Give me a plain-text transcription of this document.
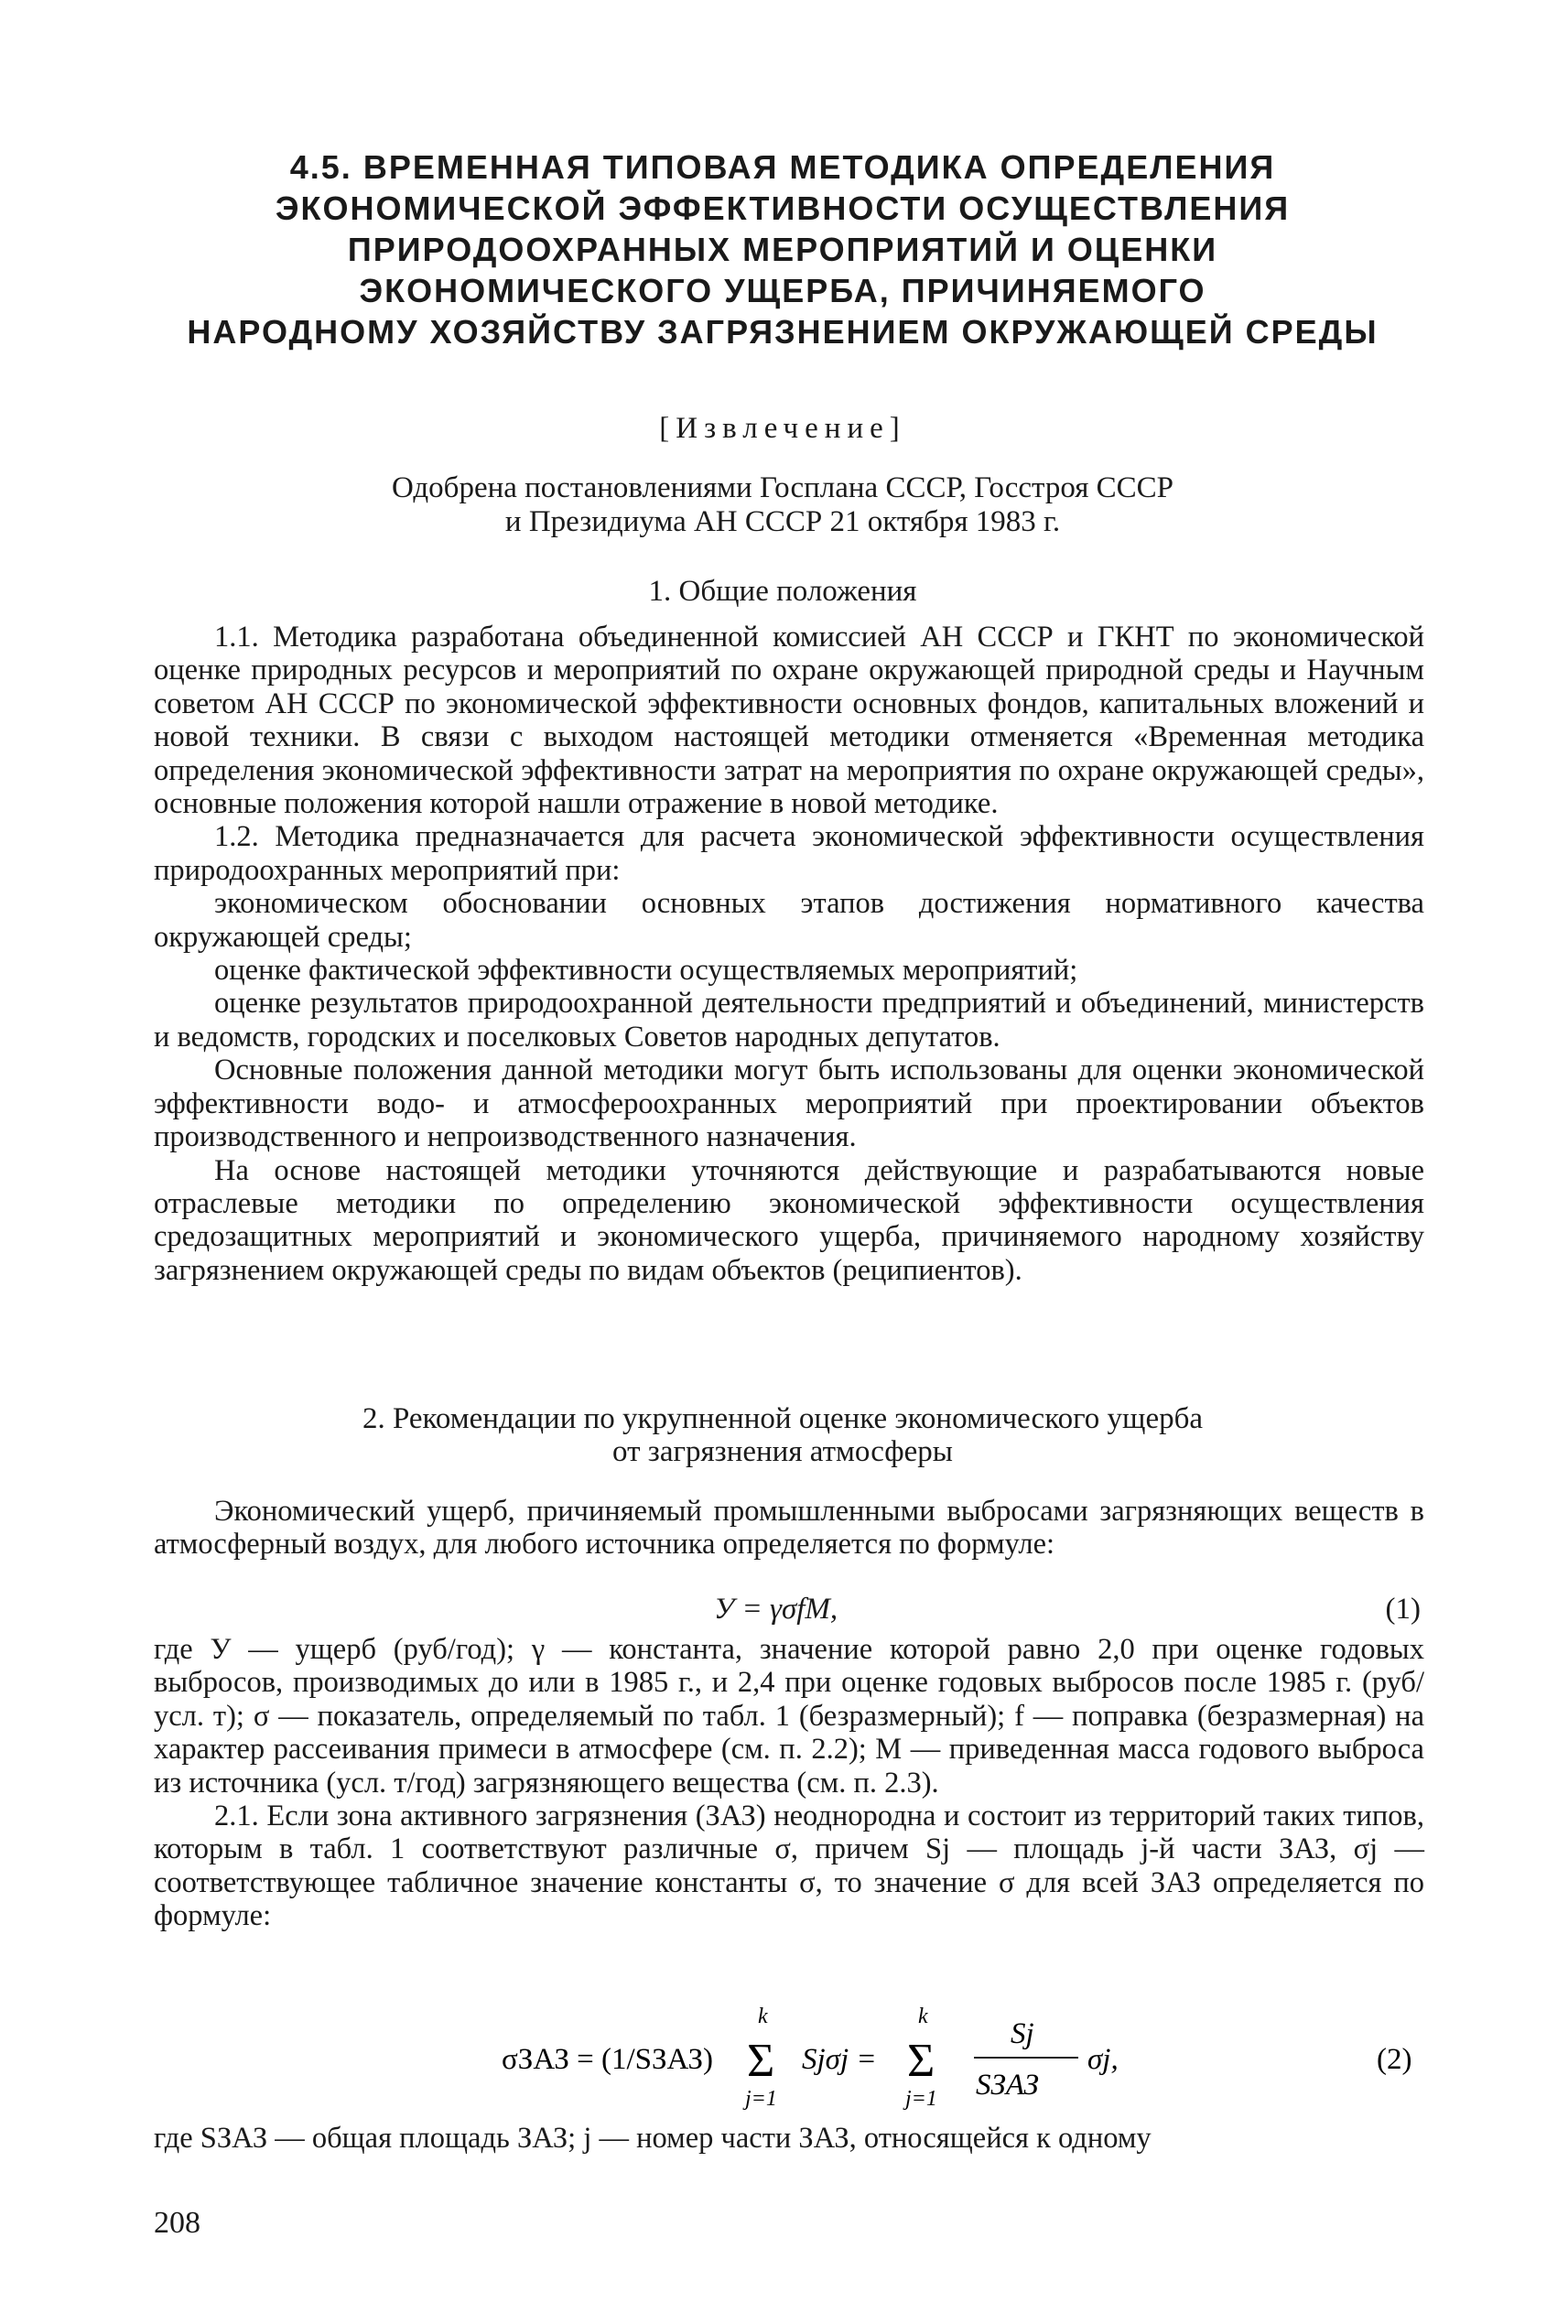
4.5. ВРЕМЕННАЯ ТИПОВАЯ МЕТОДИКА ОПРЕДЕЛЕНИЯ
ЭКОНОМИЧЕСКОЙ ЭФФЕКТИВНОСТИ ОСУЩЕСТВЛЕНИЯ
ПРИРОДООХРАННЫХ МЕРОПРИЯТИЙ И ОЦЕНКИ
ЭКОНОМИЧЕСКОГО УЩЕРБА, ПРИЧИНЯЕМОГО
НАРОДНОМУ ХОЗЯЙСТВУ ЗАГРЯЗНЕНИЕМ ОКРУЖАЮЩЕЙ СРЕДЫ
[Извлечение]
Одобрена постановлениями Госплана СССР, Госстроя СССР
и Президиума АН СССР 21 октября 1983 г.
1. Общие положения

1.1. Методика разработана объединенной комиссией АН СССР и ГКНТ по экономической оценке природных ресурсов и мероприятий по охране окружающей природной среды и Научным советом АН СССР по экономической эффективности основных фондов, капитальных вложений и новой техники. В связи с выходом настоящей методики отменяется «Временная методика определения экономической эффективности затрат на мероприятия по охране окружающей среды», основные положения которой нашли отражение в новой методике.

1.2. Методика предназначается для расчета экономической эффективности осуществления природоохранных мероприятий при:

экономическом обосновании основных этапов достижения нормативного качества окружающей среды;

оценке фактической эффективности осуществляемых мероприятий;

оценке результатов природоохранной деятельности предприятий и объединений, министерств и ведомств, городских и поселковых Советов народных депутатов.

Основные положения данной методики могут быть использованы для оценки экономической эффективности водо- и атмосфероохранных мероприятий при проектировании объектов производственного и непроизводственного назначения.

На основе настоящей методики уточняются действующие и разрабатываются новые отраслевые методики по определению экономической эффективности осуществления средозащитных мероприятий и экономического ущерба, причиняемого народному хозяйству загрязнением окружающей среды по видам объектов (реципиентов).

2. Рекомендации по укрупненной оценке экономического ущерба
от загрязнения атмосферы

Экономический ущерб, причиняемый промышленными выбросами загрязняющих веществ в атмосферный воздух, для любого источника определяется по формуле:

У = γσfM,	(1)

где У — ущерб (руб/год); γ — константа, значение которой равно 2,0 при оценке годовых выбросов, производимых до или в 1985 г., и 2,4 при оценке годовых выбросов после 1985 г. (руб/усл. т); σ — показатель, определяемый по табл. 1 (безразмерный); f — поправка (безразмерная) на характер рассеивания примеси в атмосфере (см. п. 2.2); M — приведенная масса годового выброса из источника (усл. т/год) загрязняющего вещества (см. п. 2.3).

2.1. Если зона активного загрязнения (ЗАЗ) неоднородна и состоит из территорий таких типов, которым в табл. 1 соответствуют различные σ, причем Sj — площадь j-й части ЗАЗ, σj — соответствующее табличное значение константы σ, то значение σ для всей ЗАЗ определяется по формуле:

σЗАЗ = (1/SЗАЗ)
k
Σ
j=1
Sjσj =
k
Σ
j=1
Sj
SЗАЗ
σj,	(2)

где SЗАЗ — общая площадь ЗАЗ; j — номер части ЗАЗ, относящейся к одному

208
